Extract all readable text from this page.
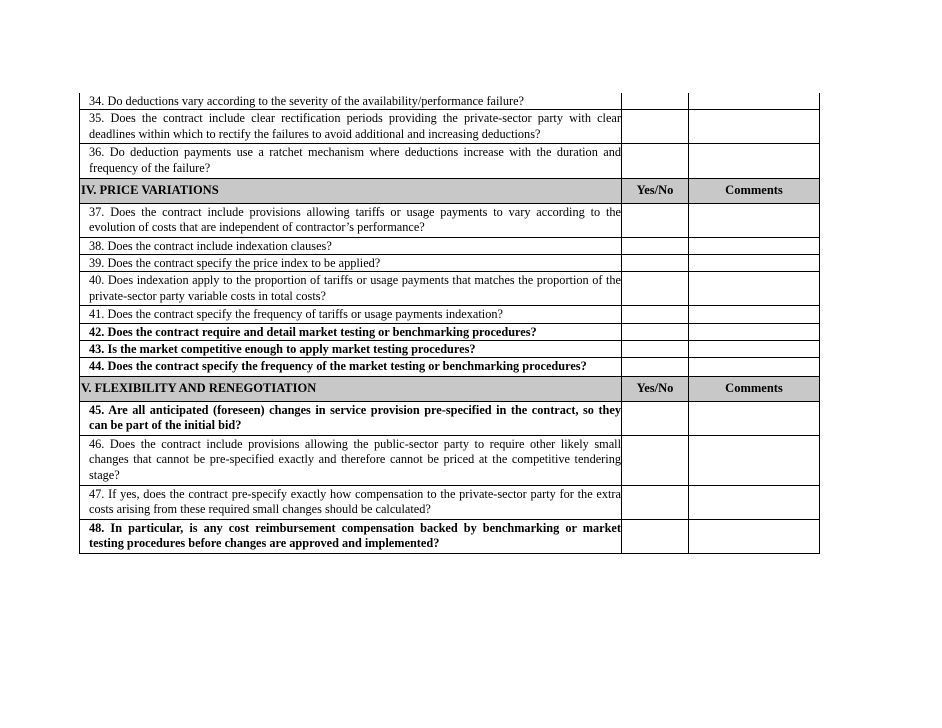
34. Do deductions vary according to the severity of the availability/performance failure?		

35. Does the contract include clear rectification periods providing the private-sector party with clear deadlines within which to rectify the failures to avoid additional and increasing deductions?		

36. Do deduction payments use a ratchet mechanism where deductions increase with the duration and frequency of the failure?		

IV. PRICE VARIATIONS	Yes/No	Comments

37. Does the contract include provisions allowing tariffs or usage payments to vary according to the evolution of costs that are independent of contractor’s performance?		

38. Does the contract include indexation clauses?		

39. Does the contract specify the price index to be applied?		

40. Does indexation apply to the proportion of tariffs or usage payments that matches the proportion of the private-sector party variable costs in total costs?		

41. Does the contract specify the frequency of tariffs or usage payments indexation?		

42. Does the contract require and detail market testing or benchmarking procedures?		

43. Is the market competitive enough to apply market testing procedures?		

44. Does the contract specify the frequency of the market testing or benchmarking procedures?		

V. FLEXIBILITY AND RENEGOTIATION	Yes/No	Comments

45. Are all anticipated (foreseen) changes in service provision pre-specified in the contract, so they can be part of the initial bid?		

46. Does the contract include provisions allowing the public-sector party to require other likely small changes that cannot be pre-specified exactly and therefore cannot be priced at the competitive tendering stage?		

47. If yes, does the contract pre-specify exactly how compensation to the private-sector party for the extra costs arising from these required small changes should be calculated?		

48. In particular, is any cost reimbursement compensation backed by benchmarking or market testing procedures before changes are approved and implemented?		
